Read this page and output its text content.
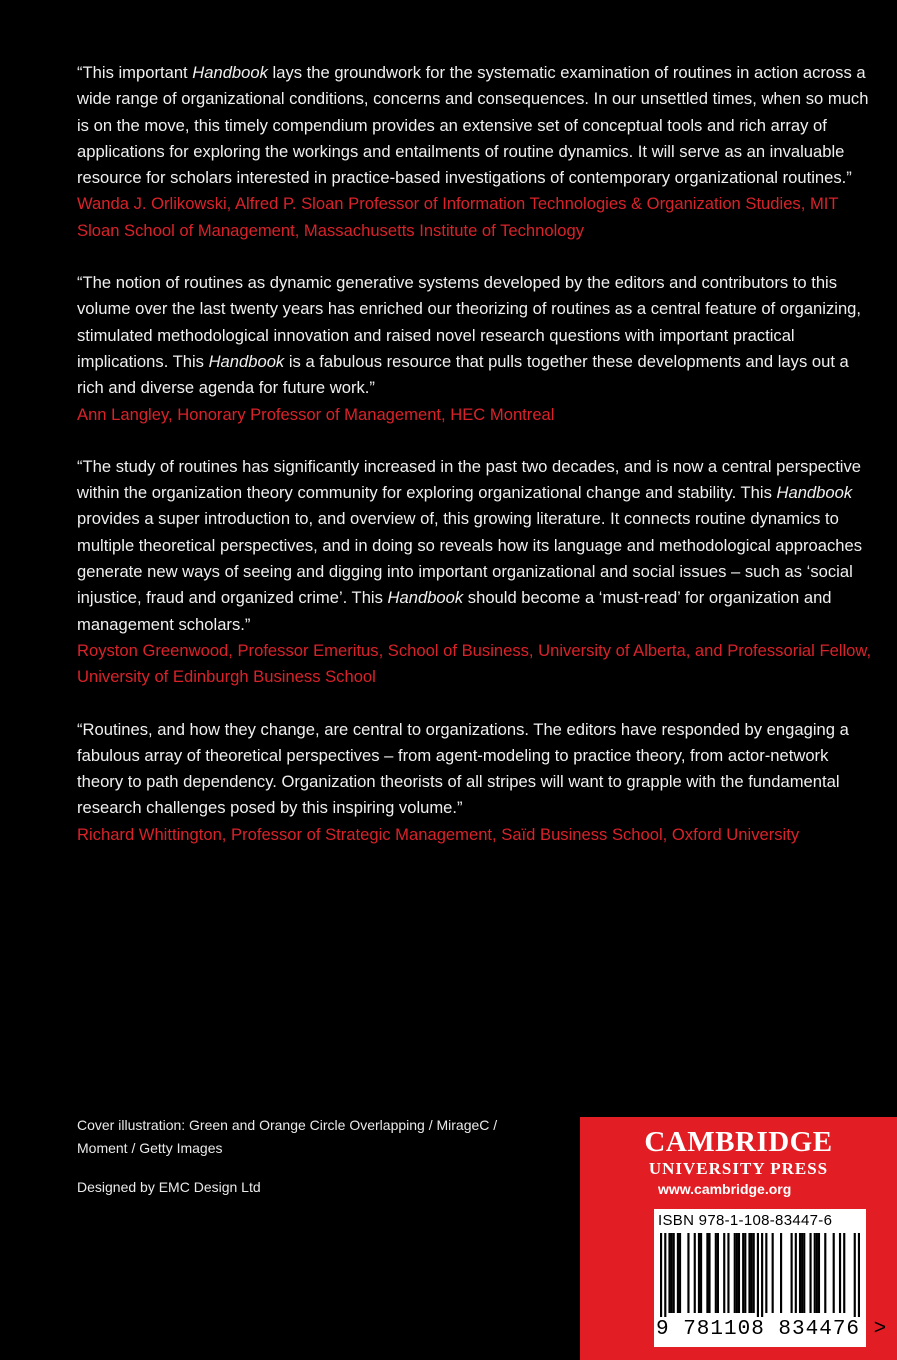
“This important Handbook lays the groundwork for the systematic examination of routines in action across a wide range of organizational conditions, concerns and consequences. In our unsettled times, when so much is on the move, this timely compendium provides an extensive set of conceptual tools and rich array of applications for exploring the workings and entailments of routine dynamics. It will serve as an invaluable resource for scholars interested in practice-based investigations of contemporary organizational routines.”

Wanda J. Orlikowski, Alfred P. Sloan Professor of Information Technologies & Organization Studies, MIT Sloan School of Management, Massachusetts Institute of Technology

“The notion of routines as dynamic generative systems developed by the editors and contributors to this volume over the last twenty years has enriched our theorizing of routines as a central feature of organizing, stimulated methodological innovation and raised novel research questions with important practical implications. This Handbook is a fabulous resource that pulls together these developments and lays out a rich and diverse agenda for future work.”

Ann Langley, Honorary Professor of Management, HEC Montreal

“The study of routines has significantly increased in the past two decades, and is now a central perspective within the organization theory community for exploring organizational change and stability. This Handbook provides a super introduction to, and overview of, this growing literature. It connects routine dynamics to multiple theoretical perspectives, and in doing so reveals how its language and methodological approaches generate new ways of seeing and digging into important organizational and social issues – such as ‘social injustice, fraud and organized crime’. This Handbook should become a ‘must-read’ for organization and management scholars.”

Royston Greenwood, Professor Emeritus, School of Business, University of Alberta, and Professorial Fellow, University of Edinburgh Business School

“Routines, and how they change, are central to organizations. The editors have responded by engaging a fabulous array of theoretical perspectives – from agent-modeling to practice theory, from actor-network theory to path dependency. Organization theorists of all stripes will want to grapple with the fundamental research challenges posed by this inspiring volume.”

Richard Whittington, Professor of Strategic Management, Saïd Business School, Oxford University

Cover illustration: Green and Orange Circle Overlapping / MirageC / Moment / Getty Images

Designed by EMC Design Ltd

CAMBRIDGE
UNIVERSITY PRESS
www.cambridge.org
ISBN 978-1-108-83447-6
9 781108 834476 >
